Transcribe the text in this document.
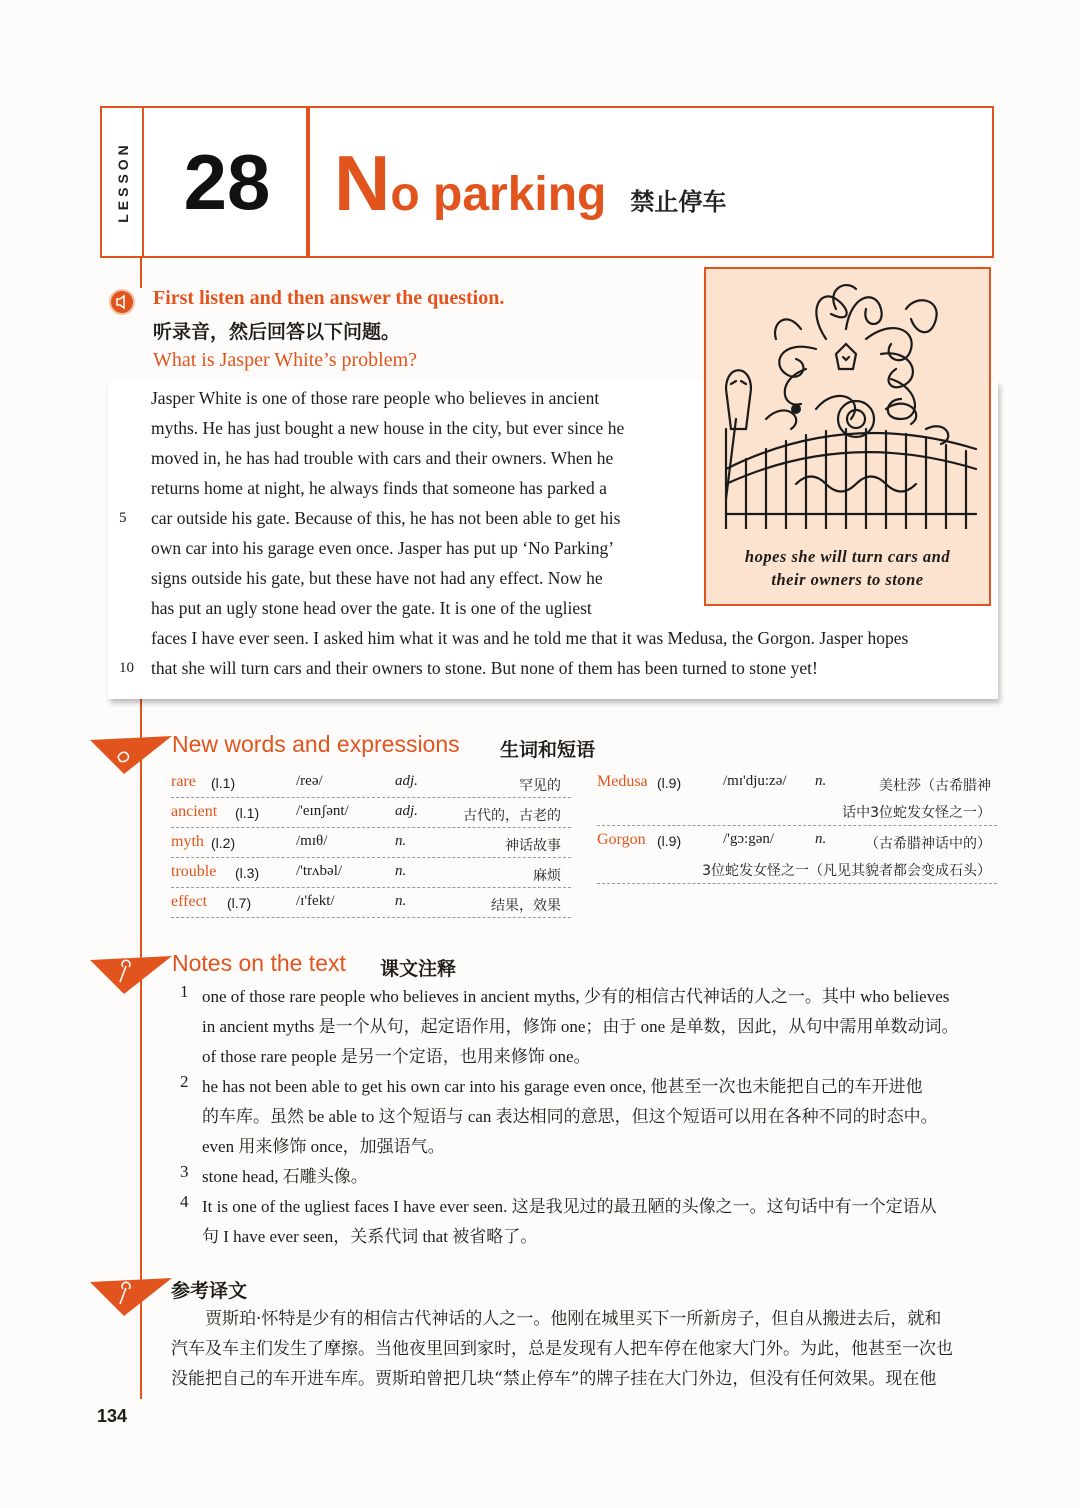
LESSON 28 No parking 禁止停车
First listen and then answer the question.
听录音，然后回答以下问题。
What is Jasper White’s problem?
Jasper White is one of those rare people who believes in ancient
myths. He has just bought a new house in the city, but ever since he
moved in, he has had trouble with cars and their owners. When he
returns home at night, he always finds that someone has parked a
5 car outside his gate. Because of this, he has not been able to get his
own car into his garage even once. Jasper has put up ‘No Parking’
signs outside his gate, but these have not had any effect. Now he
has put an ugly stone head over the gate. It is one of the ugliest
faces I have ever seen. I asked him what it was and he told me that it was Medusa, the Gorgon. Jasper hopes
10 that she will turn cars and their owners to stone. But none of them has been turned to stone yet!
hopes she will turn cars and
their owners to stone
New words and expressions 生词和短语
rare (l.1)	/reə/	adj.	罕见的
ancient (l.1) /'eɪnʃənt/	adj.	古代的，古老的
myth (l.2)	/mɪθ/	n.	神话故事
trouble (l.3) /'trʌbəl/	n.	麻烦
effect (l.7)	/ɪ'fekt/	n.	结果，效果
Medusa (l.9)	/mɪ'dju:zə/ n.	美杜莎（古希腊神
话中3位蛇发女怪之一）
Gorgon (l.9)	/'gɔ:gən/	n.	（古希腊神话中的）
3位蛇发女怪之一（凡见其貌者都会变成石头）
Notes on the text 课文注释
1 one of those rare people who believes in ancient myths, 少有的相信古代神话的人之一。其中 who believes
in ancient myths 是一个从句，起定语作用，修饰 one；由于 one 是单数，因此，从句中需用单数动词。
of those rare people 是另一个定语，也用来修饰 one。
2 he has not been able to get his own car into his garage even once, 他甚至一次也未能把自己的车开进他
的车库。虽然 be able to 这个短语与 can 表达相同的意思，但这个短语可以用在各种不同的时态中。
even 用来修饰 once，加强语气。
3 stone head, 石雕头像。
4 It is one of the ugliest faces I have ever seen. 这是我见过的最丑陋的头像之一。这句话中有一个定语从
句 I have ever seen，关系代词 that 被省略了。
参考译文
　　贾斯珀·怀特是少有的相信古代神话的人之一。他刚在城里买下一所新房子，但自从搬进去后，就和
汽车及车主们发生了摩擦。当他夜里回到家时，总是发现有人把车停在他家大门外。为此，他甚至一次也
没能把自己的车开进车库。贾斯珀曾把几块“禁止停车”的牌子挂在大门外边，但没有任何效果。现在他
134
